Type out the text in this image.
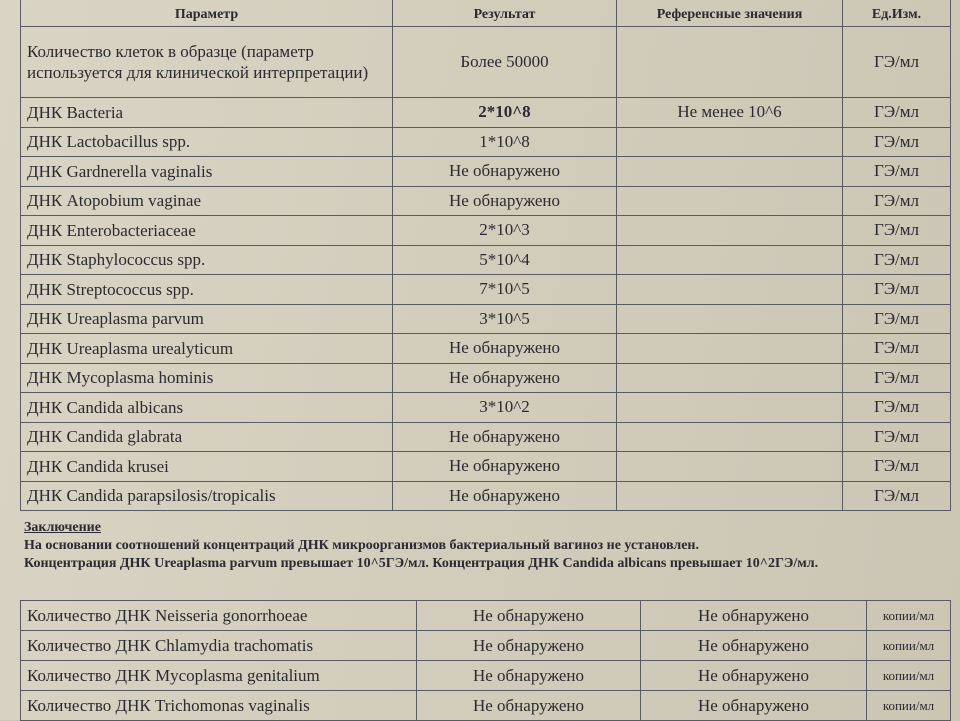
Параметр	Результат	Референсные значения	Ед.Изм.
Количество клеток в образце (параметр используется для клинической интерпретации)	Более 50000		ГЭ/мл
ДНК Bacteria	2*10^8	Не менее 10^6	ГЭ/мл
ДНК Lactobacillus spp.	1*10^8		ГЭ/мл
ДНК Gardnerella vaginalis	Не обнаружено		ГЭ/мл
ДНК Atopobium vaginae	Не обнаружено		ГЭ/мл
ДНК Enterobacteriaceae	2*10^3		ГЭ/мл
ДНК Staphylococcus spp.	5*10^4		ГЭ/мл
ДНК Streptococcus spp.	7*10^5		ГЭ/мл
ДНК Ureaplasma parvum	3*10^5		ГЭ/мл
ДНК Ureaplasma urealyticum	Не обнаружено		ГЭ/мл
ДНК Mycoplasma hominis	Не обнаружено		ГЭ/мл
ДНК Candida albicans	3*10^2		ГЭ/мл
ДНК Candida glabrata	Не обнаружено		ГЭ/мл
ДНК Candida krusei	Не обнаружено		ГЭ/мл
ДНК Candida parapsilosis/tropicalis	Не обнаружено		ГЭ/мл
Заключение
На основании соотношений концентраций ДНК микроорганизмов бактериальный вагиноз не установлен.
Концентрация ДНК Ureaplasma parvum превышает 10^5ГЭ/мл. Концентрация ДНК Candida albicans превышает 10^2ГЭ/мл.
Количество ДНК Neisseria gonorrhoeae	Не обнаружено	Не обнаружено	копии/мл
Количество ДНК Chlamydia trachomatis	Не обнаружено	Не обнаружено	копии/мл
Количество ДНК Mycoplasma genitalium	Не обнаружено	Не обнаружено	копии/мл
Количество ДНК Trichomonas vaginalis	Не обнаружено	Не обнаружено	копии/мл
